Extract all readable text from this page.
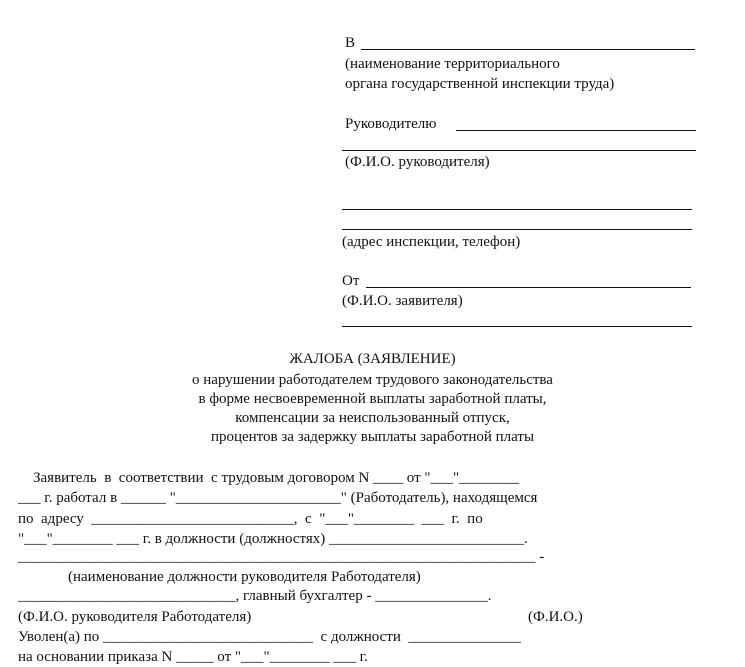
В
(наименование территориального
органа государственной инспекции труда)
Руководителю
(Ф.И.О. руководителя)
(адрес инспекции, телефон)
От
(Ф.И.О. заявителя)
ЖАЛОБА (ЗАЯВЛЕНИЕ)
о нарушении работодателем трудового законодательства
в форме несвоевременной выплаты заработной платы,
компенсации за неиспользованный отпуск,
процентов за задержку выплаты заработной платы
Заявитель  в  соответствии  с трудовым договором N ____ от "___"________
___ г. работал в ______ "______________________" (Работодатель), находящемся
по  адресу  ___________________________,  с  "___"________  ___  г.  по
"___"________ ___ г. в должности (должностях) __________________________.
_____________________________________________________________________ -
(наименование должности руководителя Работодателя)
_____________________________, главный бухгалтер - _______________.
(Ф.И.О. руководителя Работодателя)	(Ф.И.О.)
Уволен(а) по ____________________________  с должности  _______________
на основании приказа N _____ от "___"________ ___ г.
